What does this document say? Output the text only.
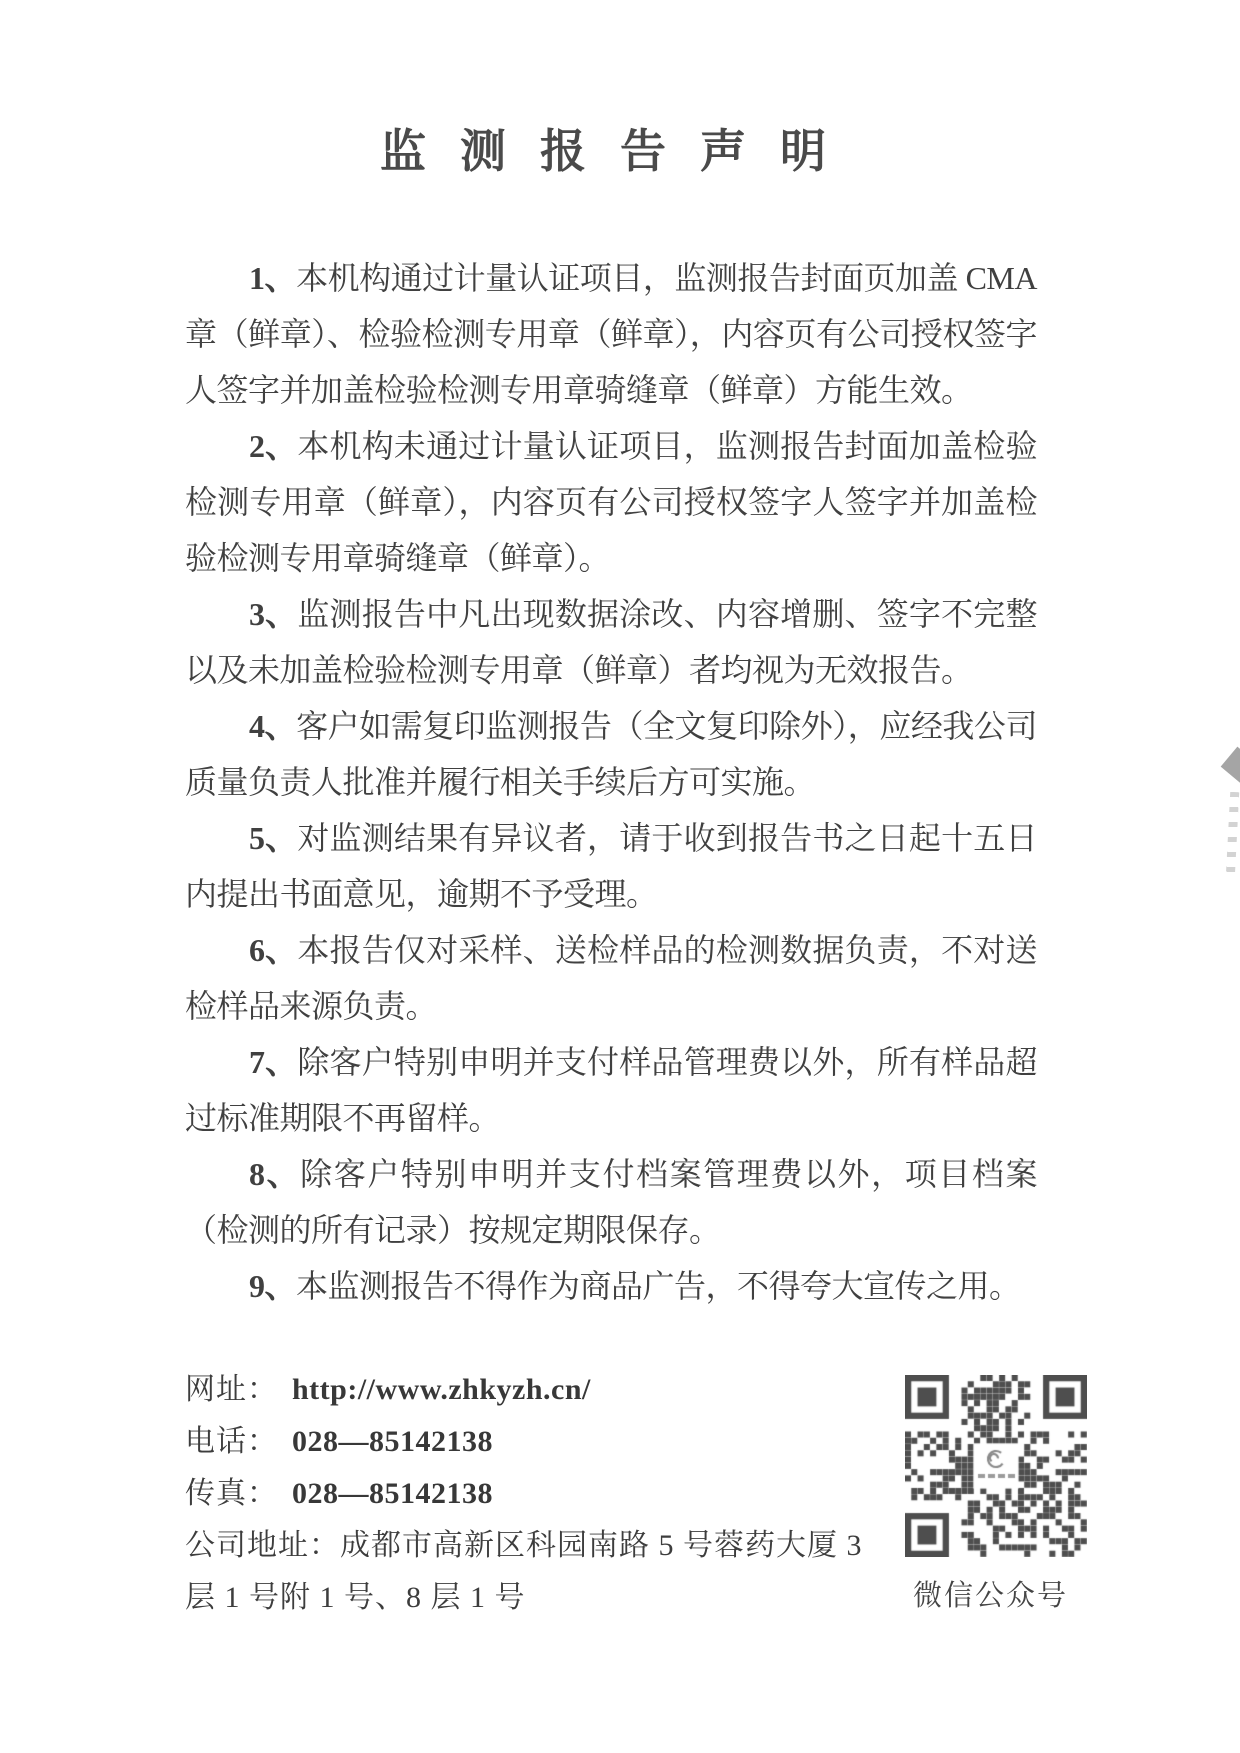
监测报告声明

1、本机构通过计量认证项目，监测报告封面页加盖 CMA 章（鲜章）、检验检测专用章（鲜章），内容页有公司授权签字人签字并加盖检验检测专用章骑缝章（鲜章）方能生效。

2、本机构未通过计量认证项目，监测报告封面加盖检验检测专用章（鲜章），内容页有公司授权签字人签字并加盖检验检测专用章骑缝章（鲜章）。

3、监测报告中凡出现数据涂改、内容增删、签字不完整以及未加盖检验检测专用章（鲜章）者均视为无效报告。

4、客户如需复印监测报告（全文复印除外），应经我公司质量负责人批准并履行相关手续后方可实施。

5、对监测结果有异议者，请于收到报告书之日起十五日内提出书面意见，逾期不予受理。

6、本报告仅对采样、送检样品的检测数据负责，不对送检样品来源负责。

7、除客户特别申明并支付样品管理费以外，所有样品超过标准期限不再留样。

8、除客户特别申明并支付档案管理费以外，项目档案（检测的所有记录）按规定期限保存。

9、本监测报告不得作为商品广告，不得夸大宣传之用。

网址： http://www.zhkyzh.cn/
电话： 028—85142138
传真： 028—85142138
公司地址：成都市高新区科园南路 5 号蓉药大厦 3
层 1 号附 1 号、8 层 1 号	微信公众号
